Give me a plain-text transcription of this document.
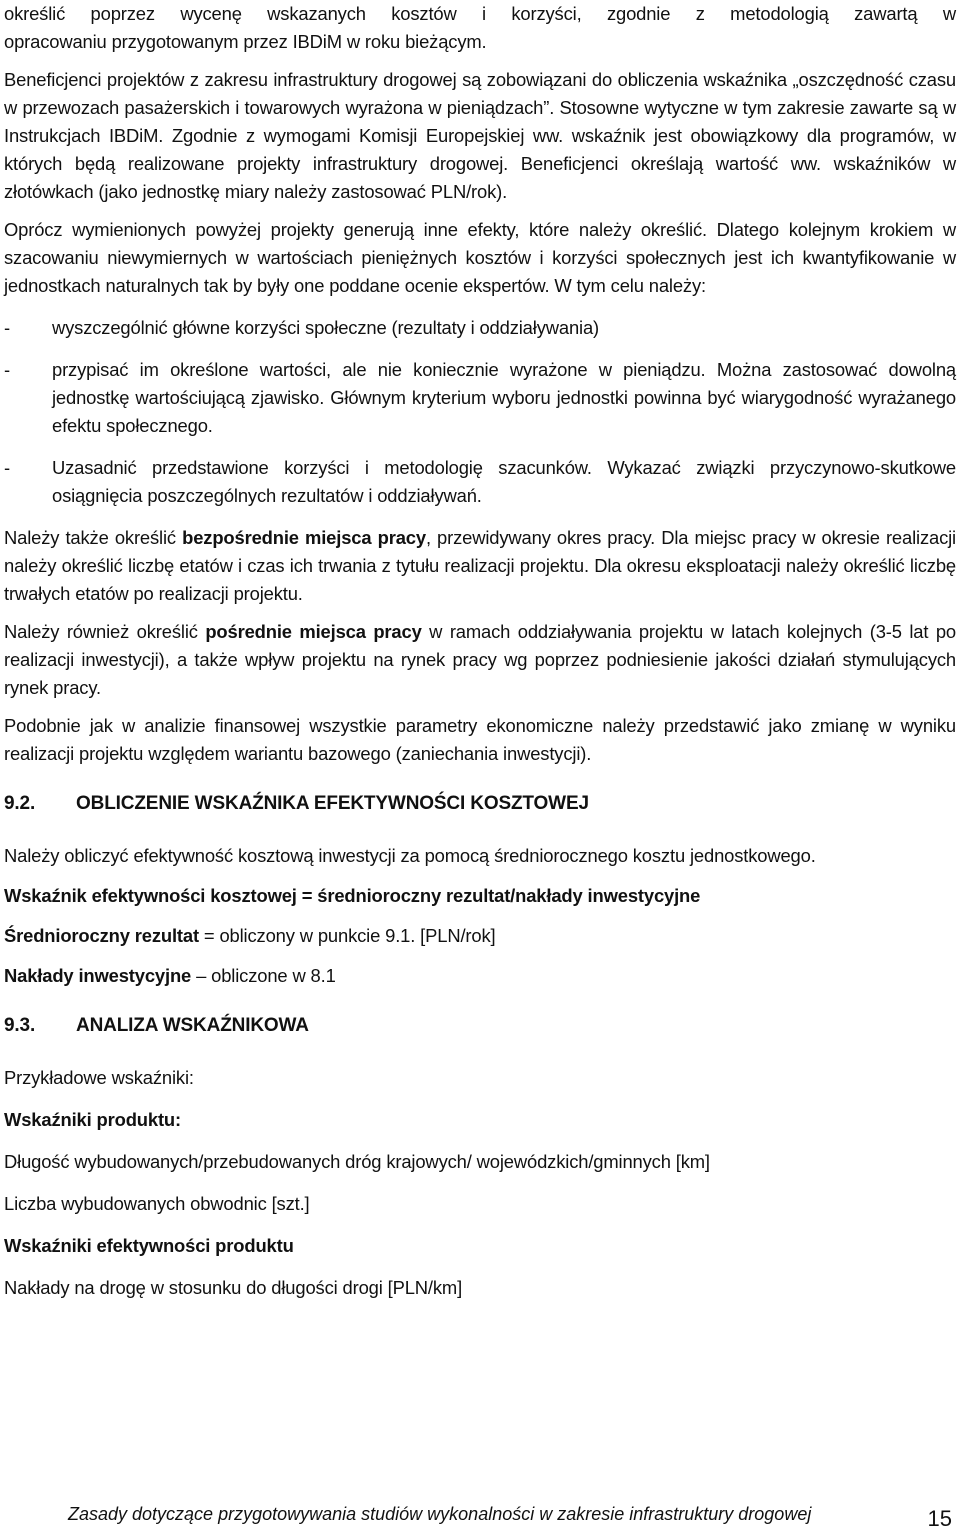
określić poprzez wycenę wskazanych kosztów i korzyści, zgodnie z metodologią zawartą w

opracowaniu przygotowanym przez IBDiM w roku bieżącym.

Beneficjenci projektów z zakresu infrastruktury drogowej są zobowiązani do obliczenia wskaźnika „oszczędność czasu w przewozach pasażerskich i towarowych wyrażona w pieniądzach”. Stosowne wytyczne w tym zakresie zawarte są w Instrukcjach IBDiM. Zgodnie z wymogami Komisji Europejskiej ww. wskaźnik jest obowiązkowy dla programów, w których będą realizowane projekty infrastruktury drogowej. Beneficjenci określają wartość ww. wskaźników w złotówkach (jako jednostkę miary należy zastosować PLN/rok).

Oprócz wymienionych powyżej projekty generują inne efekty, które należy określić. Dlatego kolejnym krokiem w szacowaniu niewymiernych w wartościach pieniężnych kosztów i korzyści społecznych jest ich kwantyfikowanie w jednostkach naturalnych tak by były one poddane ocenie ekspertów. W tym celu należy:

-	wyszczególnić główne korzyści społeczne (rezultaty i oddziaływania)
-	przypisać im określone wartości, ale nie koniecznie wyrażone w pieniądzu. Można zastosować dowolną jednostkę wartościującą zjawisko. Głównym kryterium wyboru jednostki powinna być wiarygodność wyrażanego efektu społecznego.
-	Uzasadnić przedstawione korzyści i metodologię szacunków. Wykazać związki przyczynowo-skutkowe osiągnięcia poszczególnych rezultatów i oddziaływań.

Należy także określić bezpośrednie miejsca pracy, przewidywany okres pracy. Dla miejsc pracy w okresie realizacji należy określić liczbę etatów i czas ich trwania z tytułu realizacji projektu. Dla okresu eksploatacji należy określić liczbę trwałych etatów po realizacji projektu.

Należy również określić pośrednie miejsca pracy w ramach oddziaływania projektu w latach kolejnych (3-5 lat po realizacji inwestycji), a także wpływ projektu na rynek pracy wg poprzez podniesienie jakości działań stymulujących rynek pracy.

Podobnie jak w analizie finansowej wszystkie parametry ekonomiczne należy przedstawić jako zmianę w wyniku realizacji projektu względem wariantu bazowego (zaniechania inwestycji).

9.2.	OBLICZENIE WSKAŹNIKA EFEKTYWNOŚCI KOSZTOWEJ

Należy obliczyć efektywność kosztową inwestycji za pomocą średniorocznego kosztu jednostkowego.

Wskaźnik efektywności kosztowej = średnioroczny rezultat/nakłady inwestycyjne

Średnioroczny rezultat = obliczony w punkcie 9.1. [PLN/rok]

Nakłady inwestycyjne – obliczone w 8.1

9.3.	ANALIZA WSKAŹNIKOWA

Przykładowe wskaźniki:

Wskaźniki produktu:

Długość wybudowanych/przebudowanych dróg krajowych/ wojewódzkich/gminnych [km]

Liczba wybudowanych obwodnic [szt.]

Wskaźniki efektywności produktu

Nakłady na drogę w stosunku do długości drogi [PLN/km]

Zasady dotyczące przygotowywania studiów wykonalności w zakresie infrastruktury drogowej	15
